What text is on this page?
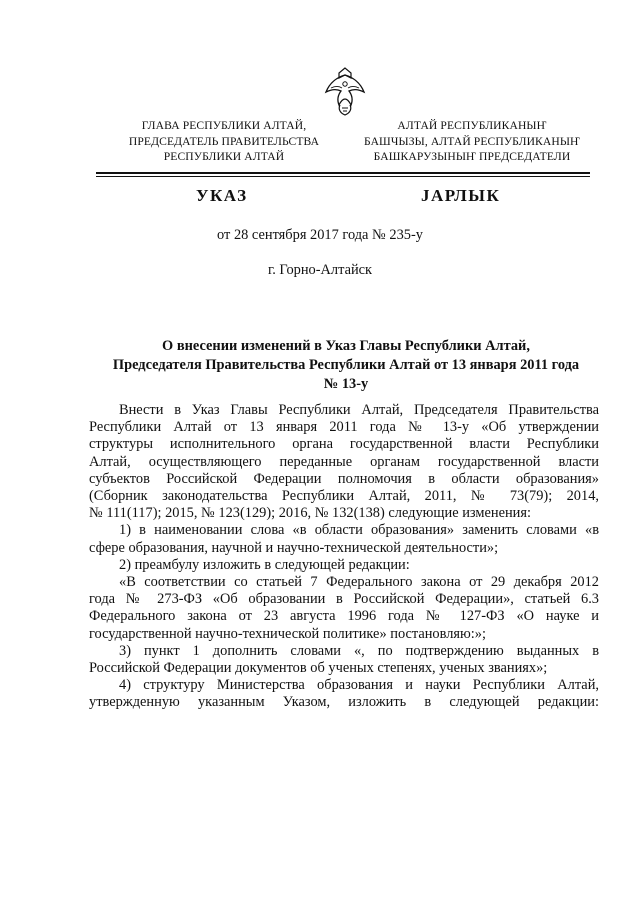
ГЛАВА РЕСПУБЛИКИ АЛТАЙ,
ПРЕДСЕДАТЕЛЬ ПРАВИТЕЛЬСТВА
РЕСПУБЛИКИ АЛТАЙ
АЛТАЙ РЕСПУБЛИКАНЫҤ
БАШЧЫЗЫ, АЛТАЙ РЕСПУБЛИКАНЫҤ
БАШКАРУЗЫНЫҤ ПРЕДСЕДАТЕЛИ
УКАЗ	JАРЛЫК
от 28 сентября 2017 года № 235-у
г. Горно-Алтайск
О внесении изменений в Указ Главы Республики Алтай,
Председателя Правительства Республики Алтай от 13 января 2011 года
№ 13-у
Внести в Указ Главы Республики Алтай, Председателя Правительства
Республики Алтай от 13 января 2011 года № 13-у «Об утверждении
структуры исполнительного органа государственной власти Республики
Алтай, осуществляющего переданные органам государственной власти
субъектов Российской Федерации полномочия в области образования»
(Сборник законодательства Республики Алтай, 2011, № 73(79); 2014,
№ 111(117); 2015, № 123(129); 2016, № 132(138) следующие изменения:
1) в наименовании слова «в области образования» заменить словами «в
сфере образования, научной и научно-технической деятельности»;
2) преамбулу изложить в следующей редакции:
«В соответствии со статьей 7 Федерального закона от 29 декабря 2012
года № 273-ФЗ «Об образовании в Российской Федерации», статьей 6.3
Федерального закона от 23 августа 1996 года № 127-ФЗ «О науке и
государственной научно-технической политике» постановляю:»;
3) пункт 1 дополнить словами «, по подтверждению выданных в
Российской Федерации документов об ученых степенях, ученых званиях»;
4) структуру Министерства образования и науки Республики Алтай,
утвержденную указанным Указом, изложить в следующей редакции:
